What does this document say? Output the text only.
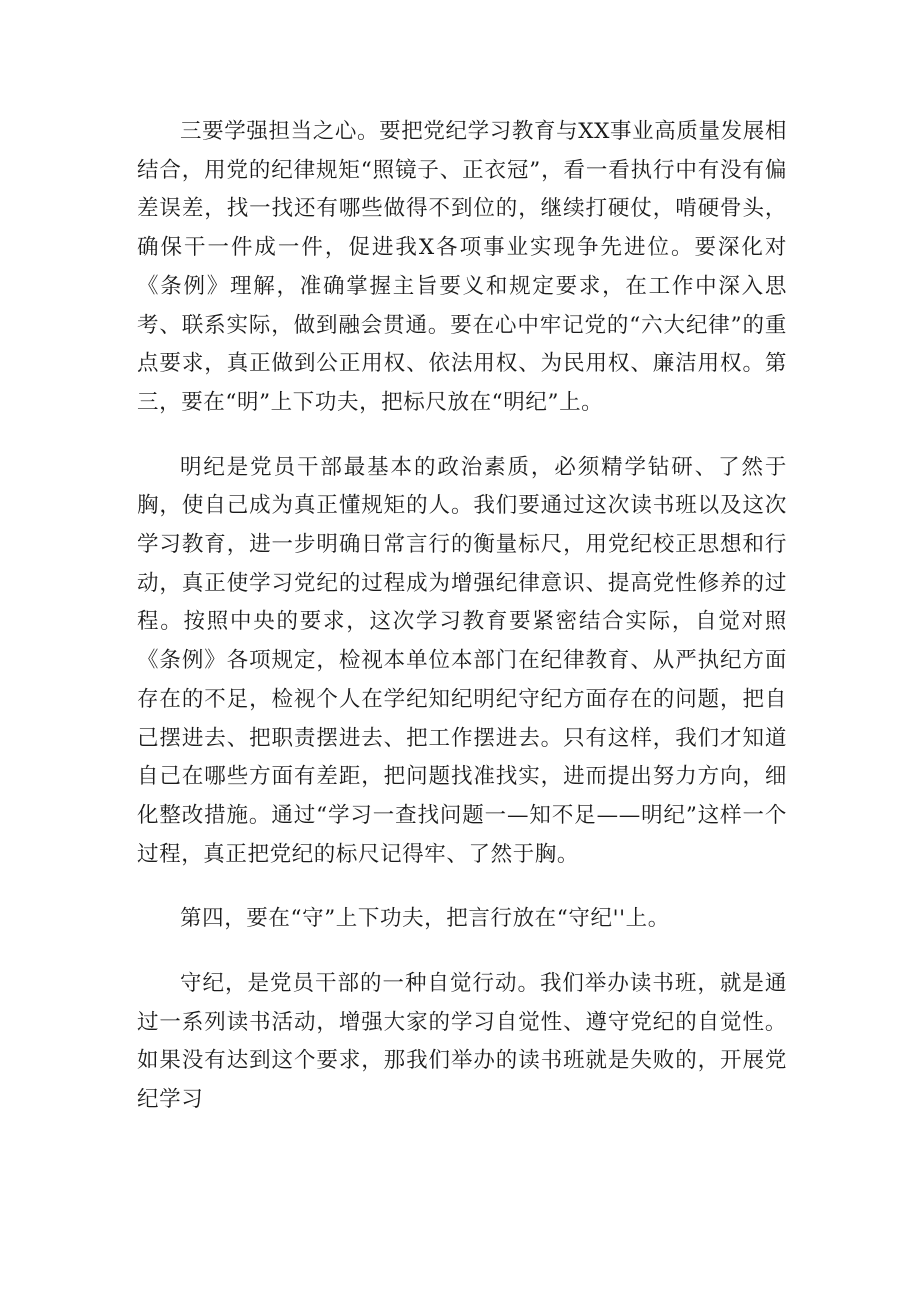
三要学强担当之心。要把党纪学习教育与XX事业高质量发展相结合，用党的纪律规矩“照镜子、正衣冠”，看一看执行中有没有偏差误差，找一找还有哪些做得不到位的，继续打硬仗，啃硬骨头，确保干一件成一件，促进我X各项事业实现争先进位。要深化对《条例》理解，准确掌握主旨要义和规定要求，在工作中深入思考、联系实际，做到融会贯通。要在心中牢记党的“六大纪律”的重点要求，真正做到公正用权、依法用权、为民用权、廉洁用权。第三，要在“明”上下功夫，把标尺放在“明纪”上。

明纪是党员干部最基本的政治素质，必须精学钻研、了然于胸，使自己成为真正懂规矩的人。我们要通过这次读书班以及这次学习教育，进一步明确日常言行的衡量标尺，用党纪校正思想和行动，真正使学习党纪的过程成为增强纪律意识、提高党性修养的过程。按照中央的要求，这次学习教育要紧密结合实际，自觉对照《条例》各项规定，检视本单位本部门在纪律教育、从严执纪方面存在的不足，检视个人在学纪知纪明纪守纪方面存在的问题，把自己摆进去、把职责摆进去、把工作摆进去。只有这样，我们才知道自己在哪些方面有差距，把问题找准找实，进而提出努力方向，细化整改措施。通过“学习一查找问题一—知不足——明纪”这样一个过程，真正把党纪的标尺记得牢、了然于胸。

第四，要在“守”上下功夫，把言行放在“守纪''上。

守纪，是党员干部的一种自觉行动。我们举办读书班，就是通过一系列读书活动，增强大家的学习自觉性、遵守党纪的自觉性。如果没有达到这个要求，那我们举办的读书班就是失败的，开展党纪学习
